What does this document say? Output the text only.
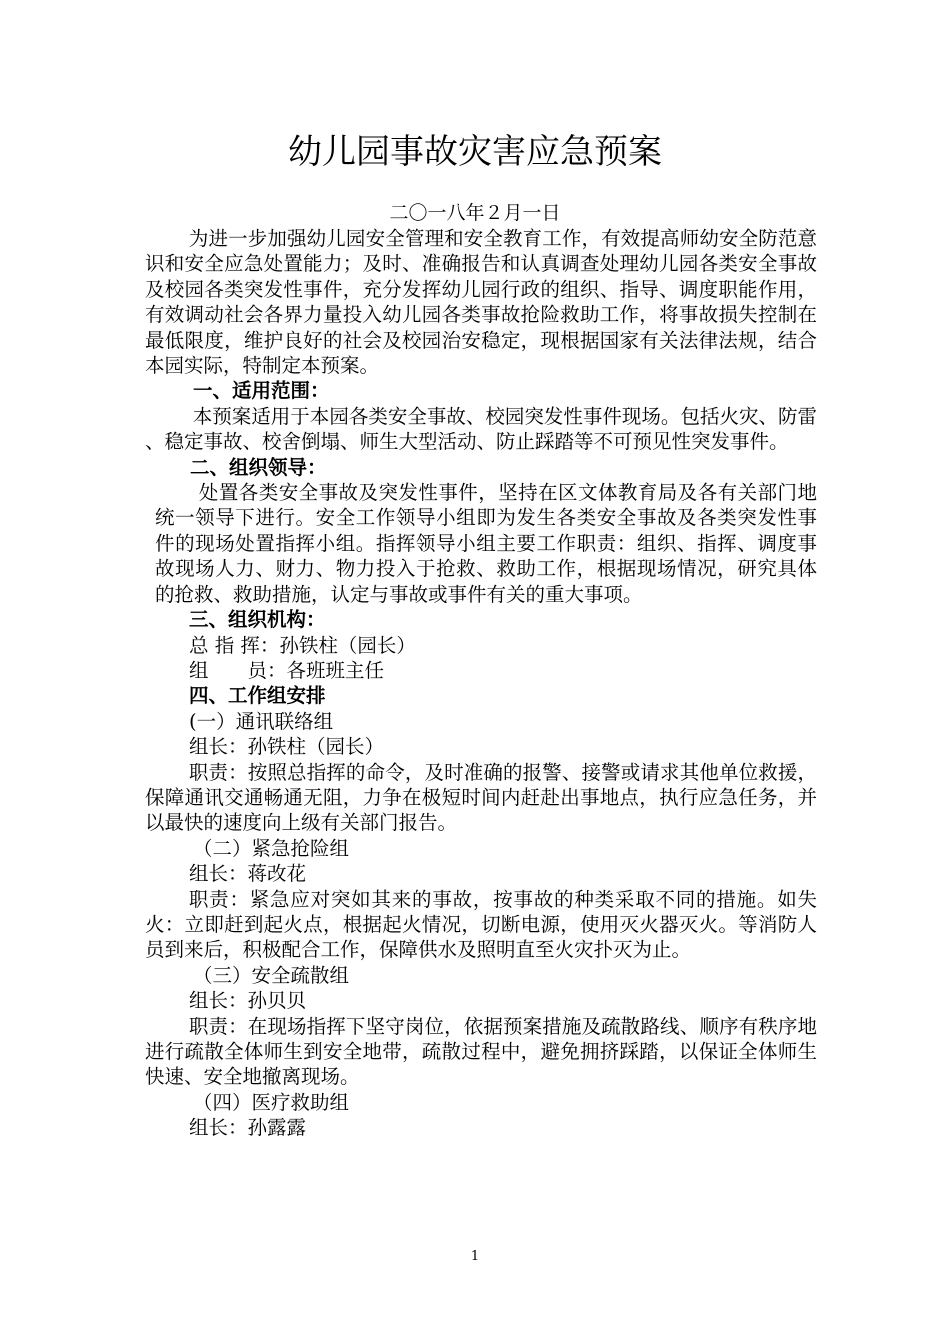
幼儿园事故灾害应急预案
二〇一八年２月一日

为进一步加强幼儿园安全管理和安全教育工作，有效提高师幼安全防范意识和安全应急处置能力；及时、准确报告和认真调查处理幼儿园各类安全事故及校园各类突发性事件，充分发挥幼儿园行政的组织、指导、调度职能作用，有效调动社会各界力量投入幼儿园各类事故抢险救助工作，将事故损失控制在最低限度，维护良好的社会及校园治安稳定，现根据国家有关法律法规，结合本园实际，特制定本预案。

一、适用范围：

本预案适用于本园各类安全事故、校园突发性事件现场。包括火灾、防雷 、稳定事故、校舍倒塌、师生大型活动、防止踩踏等不可预见性突发事件。

二、组织领导：

处置各类安全事故及突发性事件，坚持在区文体教育局及各有关部门地统一领导下进行。安全工作领导小组即为发生各类安全事故及各类突发性事件的现场处置指挥小组。指挥领导小组主要工作职责：组织、指挥、调度事故现场人力、财力、物力投入于抢救、救助工作，根据现场情况，研究具体的抢救、救助措施，认定与事故或事件有关的重大事项。

三、组织机构：

总 指 挥：孙铁柱（园长）

组　　员：各班班主任

四、工作组安排

(一）通讯联络组

组长：孙铁柱（园长）

职责：按照总指挥的命令，及时准确的报警、接警或请求其他单位救援，保障通讯交通畅通无阻，力争在极短时间内赶赴出事地点，执行应急任务，并以最快的速度向上级有关部门报告。

（二）紧急抢险组

组长：蒋改花

职责：紧急应对突如其来的事故，按事故的种类采取不同的措施。如失火：立即赶到起火点，根据起火情况，切断电源，使用灭火器灭火。等消防人员到来后，积极配合工作，保障供水及照明直至火灾扑灭为止。

（三）安全疏散组

组长：孙贝贝

职责：在现场指挥下坚守岗位，依据预案措施及疏散路线、顺序有秩序地进行疏散全体师生到安全地带，疏散过程中，避免拥挤踩踏，以保证全体师生快速、安全地撤离现场。

（四）医疗救助组

组长：孙露露

1
